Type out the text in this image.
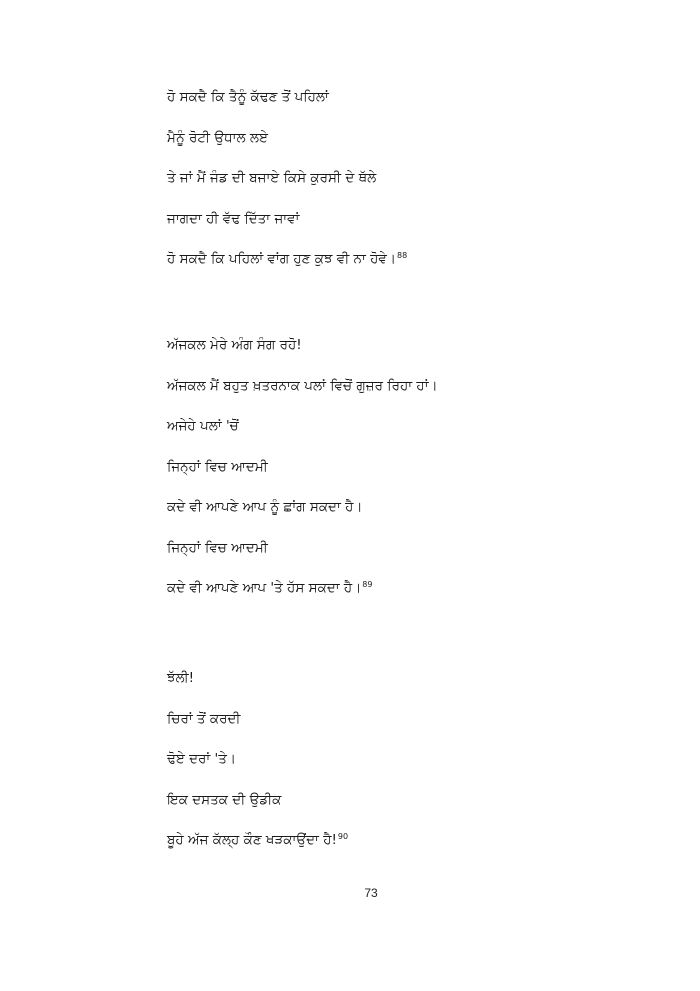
ਹੋ ਸਕਦੈ ਕਿ ਤੈਨੂੰ ਕੱਢਣ ਤੋਂ ਪਹਿਲਾਂ
ਮੈਨੂੰ ਰੋਟੀ ਉਧਾਲ ਲਏ
ਤੇ ਜਾਂ ਮੈਂ ਜੰਡ ਦੀ ਬਜਾਏ ਕਿਸੇ ਕੁਰਸੀ ਦੇ ਥੱਲੇ
ਜਾਗਦਾ ਹੀ ਵੱਢ ਦਿੱਤਾ ਜਾਵਾਂ
ਹੋ ਸਕਦੈ ਕਿ ਪਹਿਲਾਂ ਵਾਂਗ ਹੁਣ ਕੁਝ ਵੀ ਨਾ ਹੋਵੇ।$^{88}$
ਅੱਜਕਲ ਮੇਰੇ ਅੰਗ ਸੰਗ ਰਹੋ!
ਅੱਜਕਲ ਮੈਂ ਬਹੁਤ ਖ਼ਤਰਨਾਕ ਪਲਾਂ ਵਿਚੋਂ ਗੁਜ਼ਰ ਰਿਹਾ ਹਾਂ।
ਅਜੇਹੇ ਪਲਾਂ 'ਚੋਂ
ਜਿਨ੍ਹਾਂ ਵਿਚ ਆਦਮੀ
ਕਦੇ ਵੀ ਆਪਣੇ ਆਪ ਨੂੰ ਛਾਂਗ ਸਕਦਾ ਹੈ।
ਜਿਨ੍ਹਾਂ ਵਿਚ ਆਦਮੀ
ਕਦੇ ਵੀ ਆਪਣੇ ਆਪ 'ਤੇ ਹੱਸ ਸਕਦਾ ਹੈ।$^{89}$
ਝੱਲੀ!
ਚਿਰਾਂ ਤੋਂ ਕਰਦੀ
ਢੋਏ ਦਰਾਂ 'ਤੇ।
ਇਕ ਦਸਤਕ ਦੀ ਉਡੀਕ
ਬੂਹੇ ਅੱਜ ਕੱਲ੍ਹ ਕੌਣ ਖੜਕਾਉਂਦਾ ਹੈ!$^{90}$
73
